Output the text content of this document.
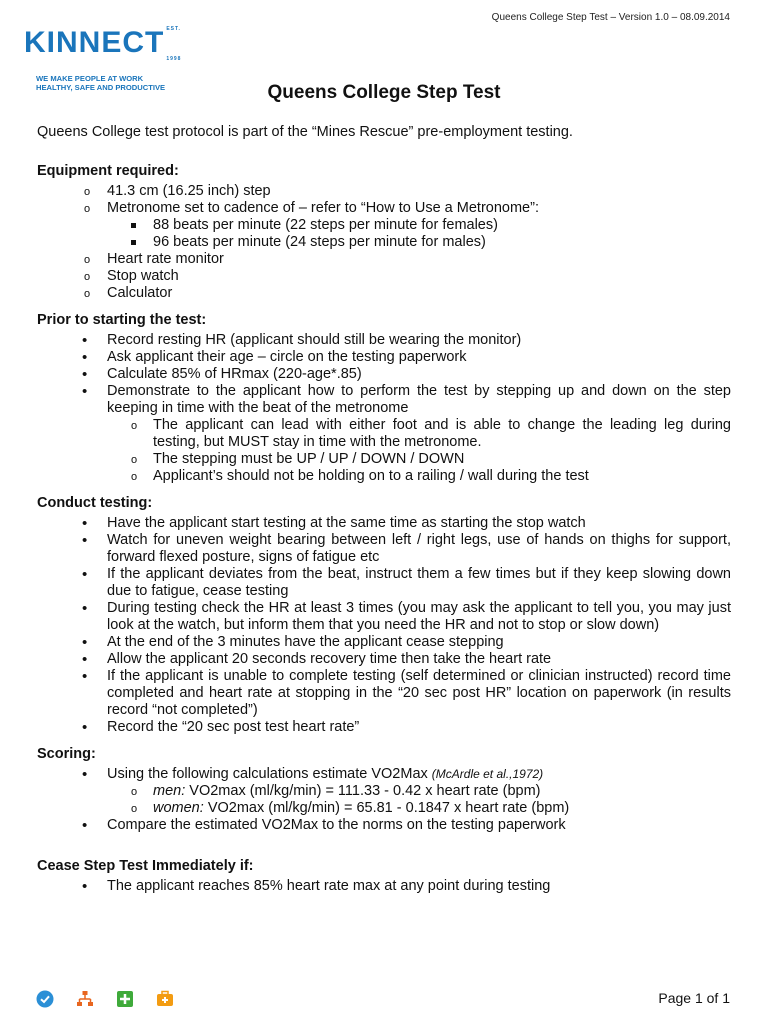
KINNECT EST. 1998
WE MAKE PEOPLE AT WORK
HEALTHY, SAFE AND PRODUCTIVE
Queens College Step Test – Version 1.0 – 08.09.2014
Queens College Step Test

Queens College test protocol is part of the “Mines Rescue” pre-employment testing.

Equipment required:
o 41.3 cm (16.25 inch) step
o Metronome set to cadence of – refer to “How to Use a Metronome”:
88 beats per minute (22 steps per minute for females)
96 beats per minute (24 steps per minute for males)
o Heart rate monitor
o Stop watch
o Calculator
Prior to starting the test:
• Record resting HR (applicant should still be wearing the monitor)
• Ask applicant their age – circle on the testing paperwork
• Calculate 85% of HRmax (220-age*.85)
• Demonstrate to the applicant how to perform the test by stepping up and down on the step keeping in time with the beat of the metronome
o The applicant can lead with either foot and is able to change the leading leg during testing, but MUST stay in time with the metronome.
o The stepping must be UP / UP / DOWN / DOWN
o Applicant’s should not be holding on to a railing / wall during the test
Conduct testing:
• Have the applicant start testing at the same time as starting the stop watch
• Watch for uneven weight bearing between left / right legs, use of hands on thighs for support, forward flexed posture, signs of fatigue etc
• If the applicant deviates from the beat, instruct them a few times but if they keep slowing down due to fatigue, cease testing
• During testing check the HR at least 3 times (you may ask the applicant to tell you, you may just look at the watch, but inform them that you need the HR and not to stop or slow down)
• At the end of the 3 minutes have the applicant cease stepping
• Allow the applicant 20 seconds recovery time then take the heart rate
• If the applicant is unable to complete testing (self determined or clinician instructed) record time completed and heart rate at stopping in the “20 sec post HR” location on paperwork (in results record “not completed”)
• Record the “20 sec post test heart rate”
Scoring:
• Using the following calculations estimate VO2Max (McArdle et al.,1972)
o men: VO2max (ml/kg/min) = 111.33 - 0.42 x heart rate (bpm)
o women: VO2max (ml/kg/min) = 65.81 - 0.1847 x heart rate (bpm)
• Compare the estimated VO2Max to the norms on the testing paperwork
Cease Step Test Immediately if:
• The applicant reaches 85% heart rate max at any point during testing
Page 1 of 1
